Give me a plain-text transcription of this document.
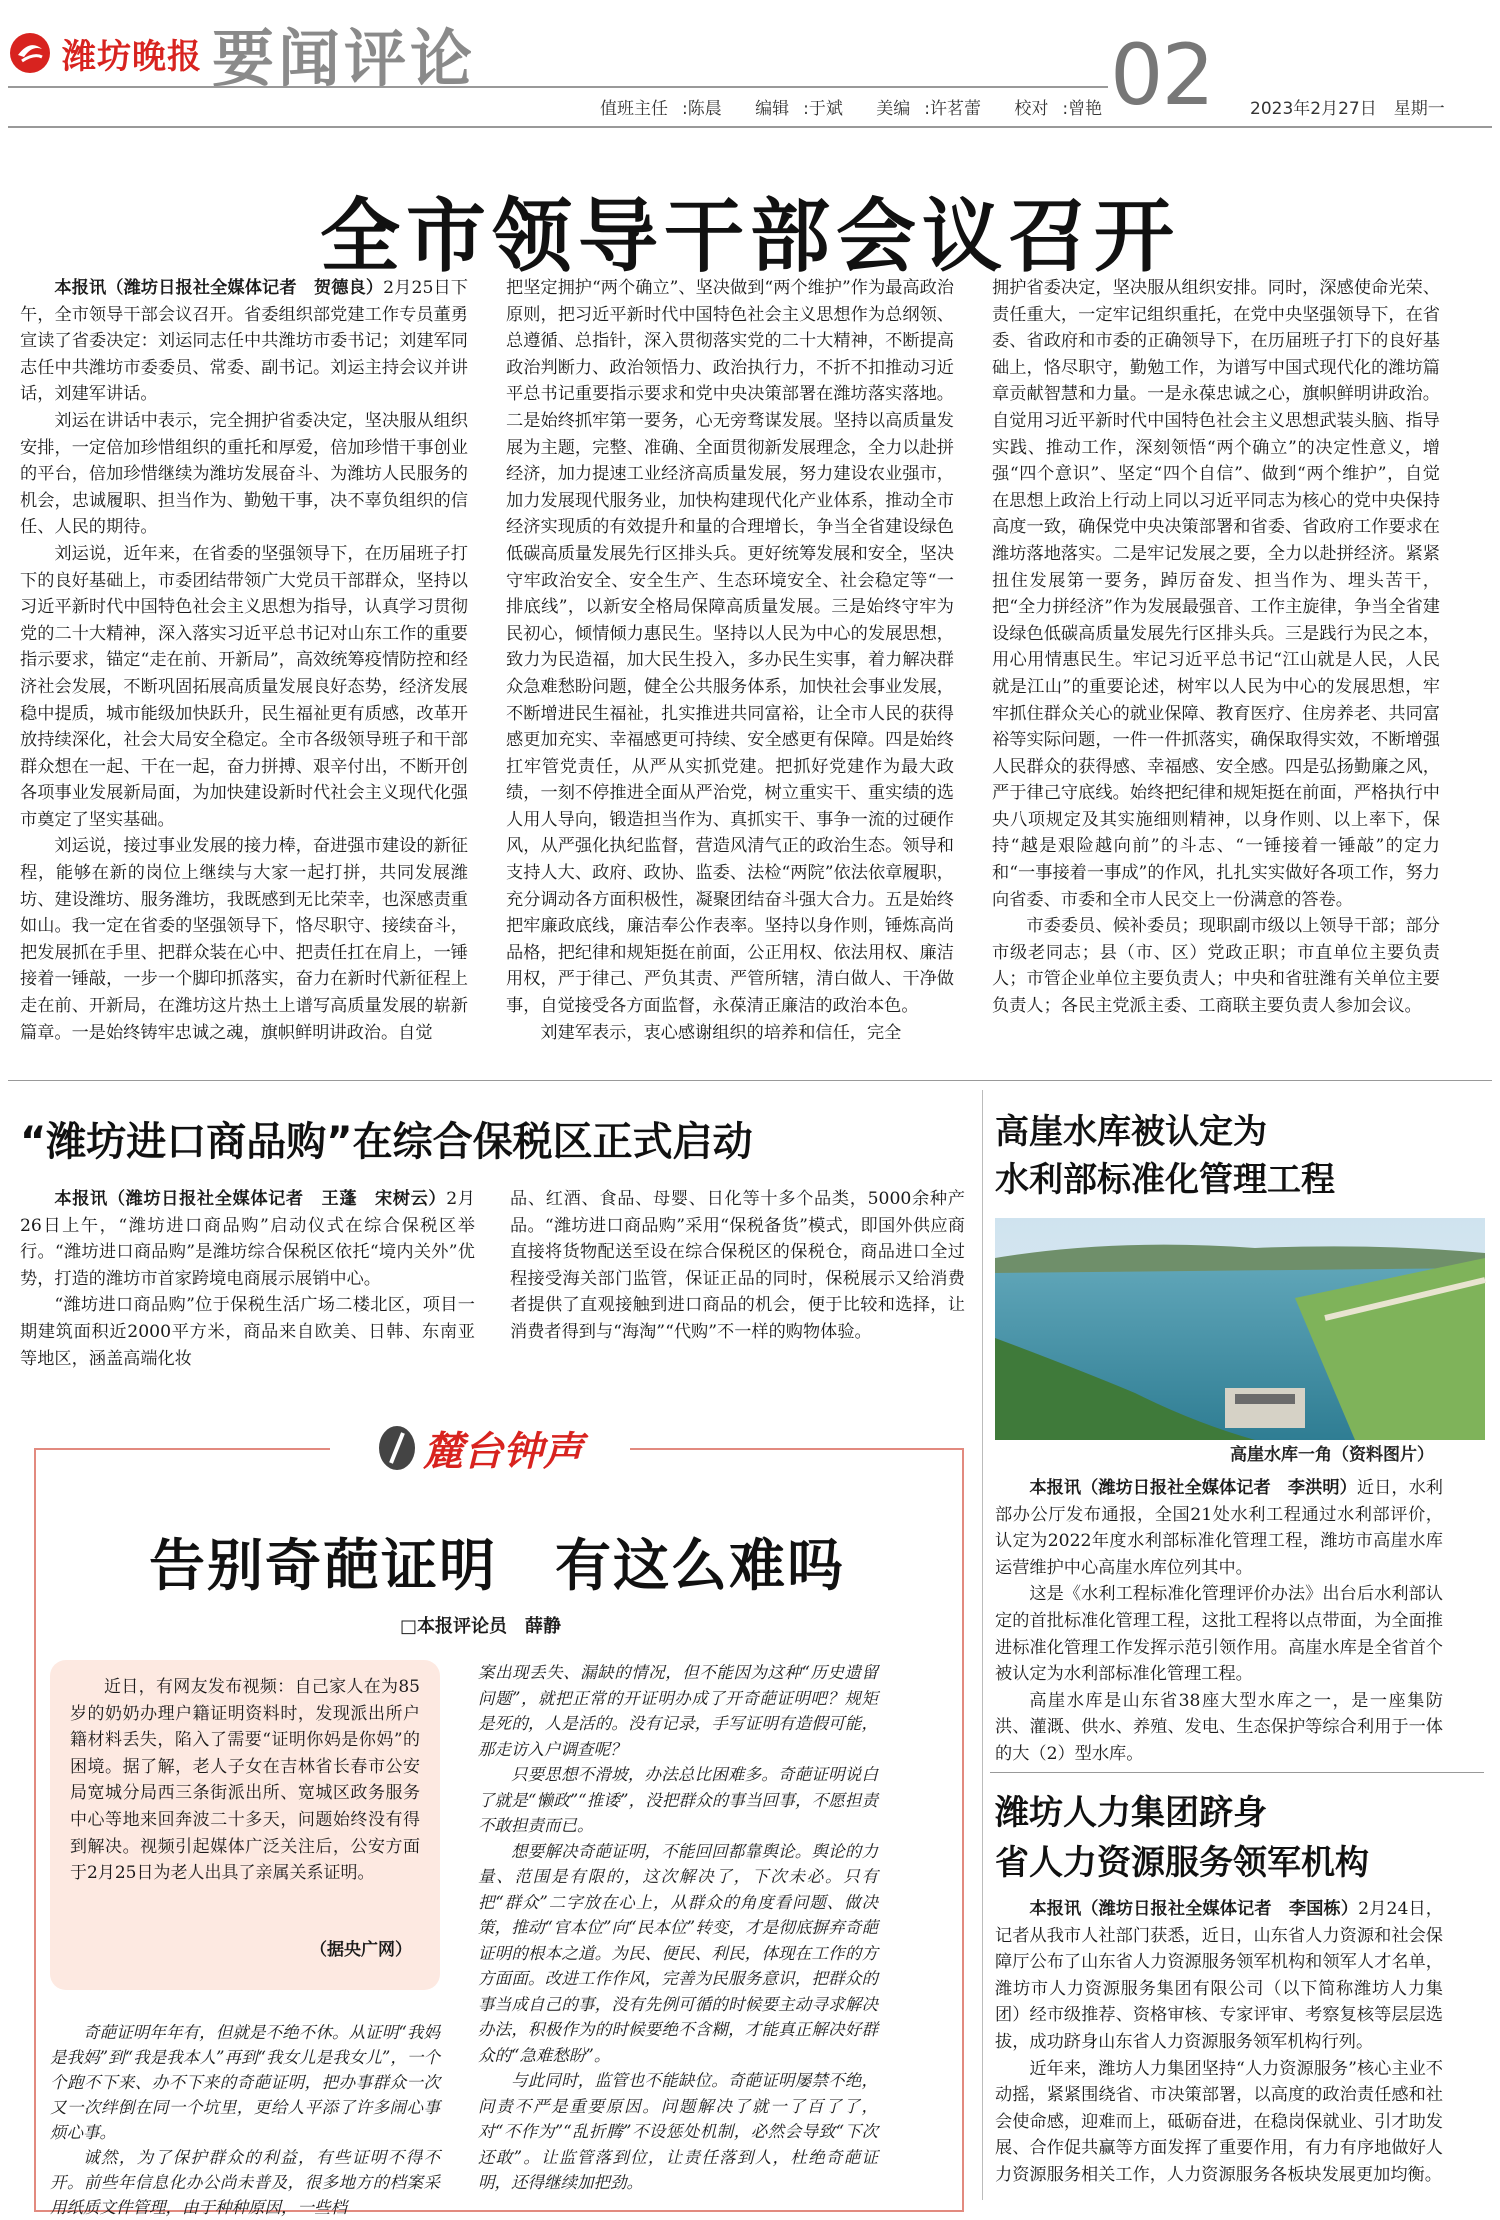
潍坊晚报 要闻评论	02
值班主任 :陈晨 编辑 :于斌 美编 :许茗蕾 校对 :曾艳	2023年2月27日　星期一
全市领导干部会议召开

本报讯（潍坊日报社全媒体记者　贺德良）2月25日下午，全市领导干部会议召开。省委组织部党建工作专员董勇宣读了省委决定：刘运同志任中共潍坊市委书记；刘建军同志任中共潍坊市委委员、常委、副书记。刘运主持会议并讲话，刘建军讲话。

刘运在讲话中表示，完全拥护省委决定，坚决服从组织安排，一定倍加珍惜组织的重托和厚爱，倍加珍惜干事创业的平台，倍加珍惜继续为潍坊发展奋斗、为潍坊人民服务的机会，忠诚履职、担当作为、勤勉干事，决不辜负组织的信任、人民的期待。

刘运说，近年来，在省委的坚强领导下，在历届班子打下的良好基础上，市委团结带领广大党员干部群众，坚持以习近平新时代中国特色社会主义思想为指导，认真学习贯彻党的二十大精神，深入落实习近平总书记对山东工作的重要指示要求，锚定“走在前、开新局”，高效统筹疫情防控和经济社会发展，不断巩固拓展高质量发展良好态势，经济发展稳中提质，城市能级加快跃升，民生福祉更有质感，改革开放持续深化，社会大局安全稳定。全市各级领导班子和干部群众想在一起、干在一起，奋力拼搏、艰辛付出，不断开创各项事业发展新局面，为加快建设新时代社会主义现代化强市奠定了坚实基础。

刘运说，接过事业发展的接力棒，奋进强市建设的新征程，能够在新的岗位上继续与大家一起打拼，共同发展潍坊、建设潍坊、服务潍坊，我既感到无比荣幸，也深感责重如山。我一定在省委的坚强领导下，恪尽职守、接续奋斗，把发展抓在手里、把群众装在心中、把责任扛在肩上，一锤接着一锤敲，一步一个脚印抓落实，奋力在新时代新征程上走在前、开新局，在潍坊这片热土上谱写高质量发展的崭新篇章。一是始终铸牢忠诚之魂，旗帜鲜明讲政治。自觉

把坚定拥护“两个确立”、坚决做到“两个维护”作为最高政治原则，把习近平新时代中国特色社会主义思想作为总纲领、总遵循、总指针，深入贯彻落实党的二十大精神，不断提高政治判断力、政治领悟力、政治执行力，不折不扣推动习近平总书记重要指示要求和党中央决策部署在潍坊落实落地。二是始终抓牢第一要务，心无旁骛谋发展。坚持以高质量发展为主题，完整、准确、全面贯彻新发展理念，全力以赴拼经济，加力提速工业经济高质量发展，努力建设农业强市，加力发展现代服务业，加快构建现代化产业体系，推动全市经济实现质的有效提升和量的合理增长，争当全省建设绿色低碳高质量发展先行区排头兵。更好统筹发展和安全，坚决守牢政治安全、安全生产、生态环境安全、社会稳定等“一排底线”，以新安全格局保障高质量发展。三是始终守牢为民初心，倾情倾力惠民生。坚持以人民为中心的发展思想，致力为民造福，加大民生投入，多办民生实事，着力解决群众急难愁盼问题，健全公共服务体系，加快社会事业发展，不断增进民生福祉，扎实推进共同富裕，让全市人民的获得感更加充实、幸福感更可持续、安全感更有保障。四是始终扛牢管党责任，从严从实抓党建。把抓好党建作为最大政绩，一刻不停推进全面从严治党，树立重实干、重实绩的选人用人导向，锻造担当作为、真抓实干、事争一流的过硬作风，从严强化执纪监督，营造风清气正的政治生态。领导和支持人大、政府、政协、监委、法检“两院”依法依章履职，充分调动各方面积极性，凝聚团结奋斗强大合力。五是始终把牢廉政底线，廉洁奉公作表率。坚持以身作则，锤炼高尚品格，把纪律和规矩挺在前面，公正用权、依法用权、廉洁用权，严于律己、严负其责、严管所辖，清白做人、干净做事，自觉接受各方面监督，永葆清正廉洁的政治本色。

刘建军表示，衷心感谢组织的培养和信任，完全

拥护省委决定，坚决服从组织安排。同时，深感使命光荣、责任重大，一定牢记组织重托，在党中央坚强领导下，在省委、省政府和市委的正确领导下，在历届班子打下的良好基础上，恪尽职守，勤勉工作，为谱写中国式现代化的潍坊篇章贡献智慧和力量。一是永葆忠诚之心，旗帜鲜明讲政治。自觉用习近平新时代中国特色社会主义思想武装头脑、指导实践、推动工作，深刻领悟“两个确立”的决定性意义，增强“四个意识”、坚定“四个自信”、做到“两个维护”，自觉在思想上政治上行动上同以习近平同志为核心的党中央保持高度一致，确保党中央决策部署和省委、省政府工作要求在潍坊落地落实。二是牢记发展之要，全力以赴拼经济。紧紧扭住发展第一要务，踔厉奋发、担当作为、埋头苦干，把“全力拼经济”作为发展最强音、工作主旋律，争当全省建设绿色低碳高质量发展先行区排头兵。三是践行为民之本，用心用情惠民生。牢记习近平总书记“江山就是人民，人民就是江山”的重要论述，树牢以人民为中心的发展思想，牢牢抓住群众关心的就业保障、教育医疗、住房养老、共同富裕等实际问题，一件一件抓落实，确保取得实效，不断增强人民群众的获得感、幸福感、安全感。四是弘扬勤廉之风，严于律己守底线。始终把纪律和规矩挺在前面，严格执行中央八项规定及其实施细则精神，以身作则、以上率下，保持“越是艰险越向前”的斗志、“一锤接着一锤敲”的定力和“一事接着一事成”的作风，扎扎实实做好各项工作，努力向省委、市委和全市人民交上一份满意的答卷。

市委委员、候补委员；现职副市级以上领导干部；部分市级老同志；县（市、区）党政正职；市直单位主要负责人；市管企业单位主要负责人；中央和省驻潍有关单位主要负责人；各民主党派主委、工商联主要负责人参加会议。

“潍坊进口商品购”在综合保税区正式启动

本报讯（潍坊日报社全媒体记者　王蓬　宋树云）2月26日上午，“潍坊进口商品购”启动仪式在综合保税区举行。“潍坊进口商品购”是潍坊综合保税区依托“境内关外”优势，打造的潍坊市首家跨境电商展示展销中心。

“潍坊进口商品购”位于保税生活广场二楼北区，项目一期建筑面积近2000平方米，商品来自欧美、日韩、东南亚等地区，涵盖高端化妆

品、红酒、食品、母婴、日化等十多个品类，5000余种产品。“潍坊进口商品购”采用“保税备货”模式，即国外供应商直接将货物配送至设在综合保税区的保税仓，商品进口全过程接受海关部门监管，保证正品的同时，保税展示又给消费者提供了直观接触到进口商品的机会，便于比较和选择，让消费者得到与“海淘”“代购”不一样的购物体验。

麓台钟声
告别奇葩证明　有这么难吗
□本报评论员　薛静

近日，有网友发布视频：自己家人在为85岁的奶奶办理户籍证明资料时，发现派出所户籍材料丢失，陷入了需要“证明你妈是你妈”的困境。据了解，老人子女在吉林省长春市公安局宽城分局西三条街派出所、宽城区政务服务中心等地来回奔波二十多天，问题始终没有得到解决。视频引起媒体广泛关注后，公安方面于2月25日为老人出具了亲属关系证明。

（据央广网）

奇葩证明年年有，但就是不绝不休。从证明“我妈是我妈”到“我是我本人”再到“我女儿是我女儿”，一个个跑不下来、办不下来的奇葩证明，把办事群众一次又一次绊倒在同一个坑里，更给人平添了许多闹心事烦心事。

诚然，为了保护群众的利益，有些证明不得不开。前些年信息化办公尚未普及，很多地方的档案采用纸质文件管理，由于种种原因，一些档

案出现丢失、漏缺的情况，但不能因为这种“历史遗留问题”，就把正常的开证明办成了开奇葩证明吧？规矩是死的，人是活的。没有记录，手写证明有造假可能，那走访入户调查呢？

只要思想不滑坡，办法总比困难多。奇葩证明说白了就是“懒政”“推诿”，没把群众的事当回事，不愿担责不敢担责而已。

想要解决奇葩证明，不能回回都靠舆论。舆论的力量、范围是有限的，这次解决了，下次未必。只有把“群众”二字放在心上，从群众的角度看问题、做决策，推动“官本位”向“民本位”转变，才是彻底摒弃奇葩证明的根本之道。为民、便民、利民，体现在工作的方方面面。改进工作作风，完善为民服务意识，把群众的事当成自己的事，没有先例可循的时候要主动寻求解决办法，积极作为的时候要绝不含糊，才能真正解决好群众的“急难愁盼”。

与此同时，监管也不能缺位。奇葩证明屡禁不绝，问责不严是重要原因。问题解决了就一了百了了，对“不作为”“乱折腾”不设惩处机制，必然会导致“下次还敢”。让监管落到位，让责任落到人，杜绝奇葩证明，还得继续加把劲。

高崖水库被认定为
水利部标准化管理工程
高崖水库一角（资料图片）

本报讯（潍坊日报社全媒体记者　李洪明）近日，水利部办公厅发布通报，全国21处水利工程通过水利部评价，认定为2022年度水利部标准化管理工程，潍坊市高崖水库运营维护中心高崖水库位列其中。

这是《水利工程标准化管理评价办法》出台后水利部认定的首批标准化管理工程，这批工程将以点带面，为全面推进标准化管理工作发挥示范引领作用。高崖水库是全省首个被认定为水利部标准化管理工程。

高崖水库是山东省38座大型水库之一，是一座集防洪、灌溉、供水、养殖、发电、生态保护等综合利用于一体的大（2）型水库。

潍坊人力集团跻身
省人力资源服务领军机构

本报讯（潍坊日报社全媒体记者　李国栋）2月24日，记者从我市人社部门获悉，近日，山东省人力资源和社会保障厅公布了山东省人力资源服务领军机构和领军人才名单，潍坊市人力资源服务集团有限公司（以下简称潍坊人力集团）经市级推荐、资格审核、专家评审、考察复核等层层选拔，成功跻身山东省人力资源服务领军机构行列。

近年来，潍坊人力集团坚持“人力资源服务”核心主业不动摇，紧紧围绕省、市决策部署，以高度的政治责任感和社会使命感，迎难而上，砥砺奋进，在稳岗保就业、引才助发展、合作促共赢等方面发挥了重要作用，有力有序地做好人力资源服务相关工作，人力资源服务各板块发展更加均衡。
